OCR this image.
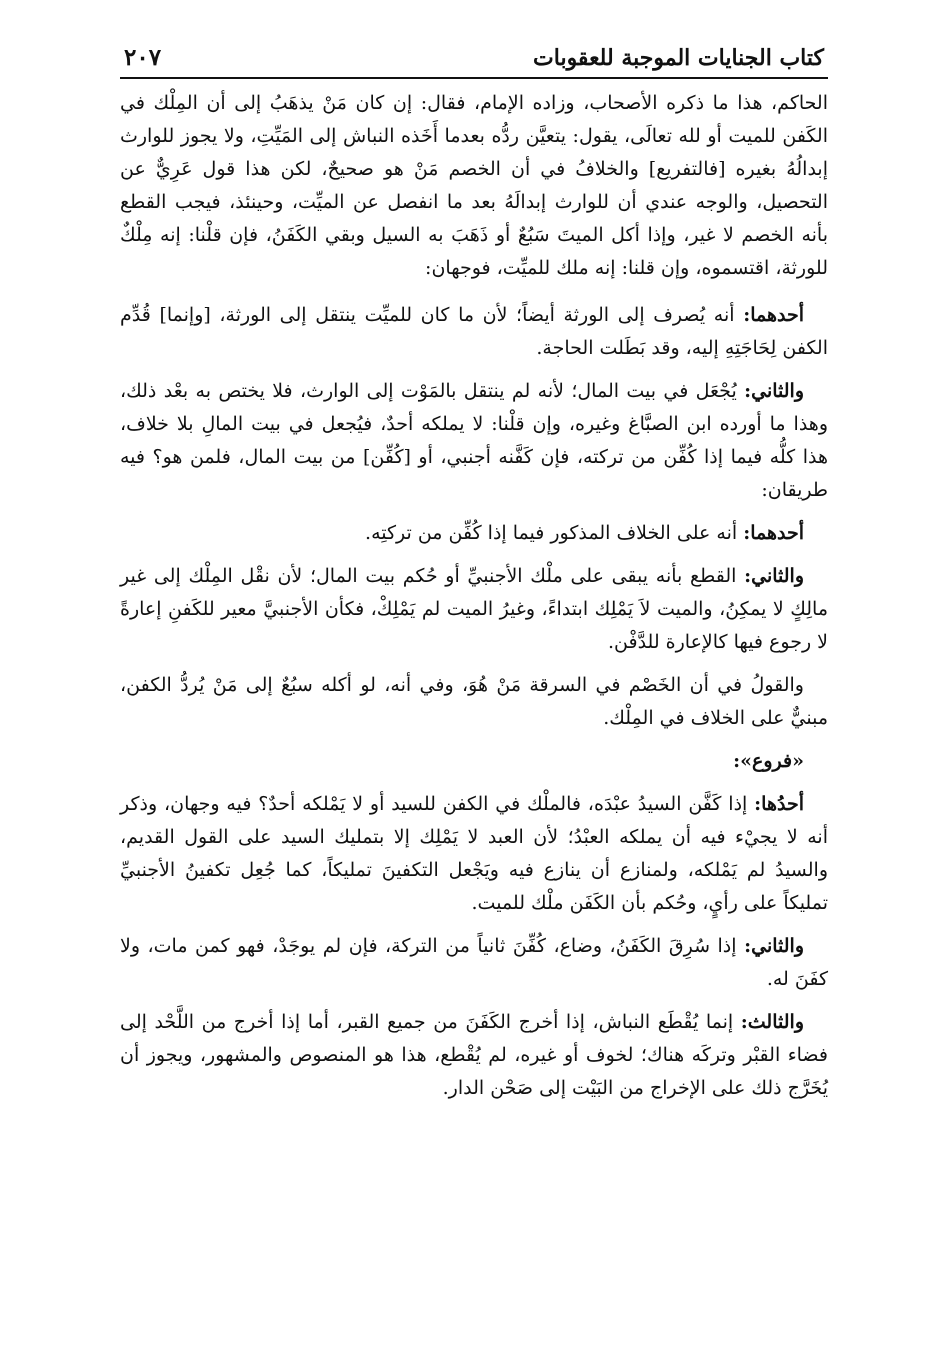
كتاب الجنايات الموجبة للعقوبات
٢٠٧

الحاكم، هذا ما ذكره الأصحاب، وزاده الإمام، فقال: إن كان مَنْ يذهَبُ إلى أن المِلْك في الكَفن للميت أو لله تعالَى، يقول: يتعيَّن ردُّه بعدما أَخَذه النباش إلى المَيِّتِ، ولا يجوز للوارث إبدالُهُ بغيره [فالتفريع] والخلافُ في أن الخصم مَنْ هو صحيحٌ، لكن هذا قول عَرِيٌّ عن التحصيل، والوجه عندي أن للوارث إبدالَهُ بعد ما انفصل عن الميِّت، وحينئذ، فيجب القطع بأنه الخصم لا غير، وإذا أكل الميتَ سَبُعٌ أو ذَهَبَ به السيل وبقي الكَفَنُ، فإن قلْنا: إنه مِلْكٌ للورثة، اقتسموه، وإن قلنا: إنه ملك للميِّت، فوجهان:

أحدهما: أنه يُصرف إلى الورثة أيضاً؛ لأن ما كان للميِّت ينتقل إلى الورثة، [وإنما] قُدِّم الكفن لِحَاجَتِهِ إليه، وقد بَطَلت الحاجة.

والثاني: يُجْعَل في بيت المال؛ لأنه لم ينتقل بالمَوْت إلى الوارث، فلا يختص به بعْد ذلك، وهذا ما أورده ابن الصبَّاغ وغيره، وإن قلْنا: لا يملكه أحدٌ، فيُجعل في بيت المالِ بلا خلاف، هذا كلُّه فيما إذا كُفِّن من تركته، فإن كَفَّنه أجنبي، أو [كُفِّن] من بيت المال، فلمن هو؟ فيه طريقان:

أحدهما: أنه على الخلاف المذكور فيما إذا كُفِّن من تركتِه.

والثاني: القطع بأنه يبقى على ملْك الأجنبيِّ أو حُكم بيت المال؛ لأن نقْل المِلْك إلى غير مالِكٍ لا يمكِنُ، والميت لاَ يَمْلِك ابتداءً، وغيرُ الميت لم يَمْلِكْ، فكأن الأجنبيَّ معير للكَفنِ إعارةً لا رجوع فيها كالإعارة للدَّفْن.

والقولُ في أن الخَصْم في السرقة مَنْ هُوَ، وفي أنه، لو أكله سبُعٌ إلى مَنْ يُردُّ الكفن، مبنيٌّ على الخلاف في المِلْك.

«فروع»:

أحدُها: إذا كَفَّن السيدُ عبْدَه، فالملْك في الكفن للسيد أو لا يَمْلكه أحدٌ؟ فيه وجهان، وذكر أنه لا يجيْء فيه أن يملكه العبْدُ؛ لأن العبد لا يَمْلِك إلا بتمليك السيد على القول القديم، والسيدُ لم يَمْلكه، ولمنازع أن ينازع فيه ويَجْعل التكفينَ تمليكاً، كما جُعِل تكفينُ الأجنبيِّ تمليكاً على رأيٍ، وحُكم بأن الكَفَن ملْك للميت.

والثاني: إذا سُرِقَ الكَفَنُ، وضاع، كُفِّنَ ثانياً من التركة، فإن لم يوجَدْ، فهو كمن مات، ولا كفَنَ له.

والثالث: إنما يُقْطَع النباش، إذا أخرج الكَفَنَ من جميع القبر، أما إذا أخرج من اللَّحْد إلى فضاء القبْر وتركَه هناك؛ لخوف أو غيره، لم يُقْطع، هذا هو المنصوص والمشهور، ويجوز أن يُخَرَّج ذلك على الإخراج من البَيْت إلى صَحْن الدار.
